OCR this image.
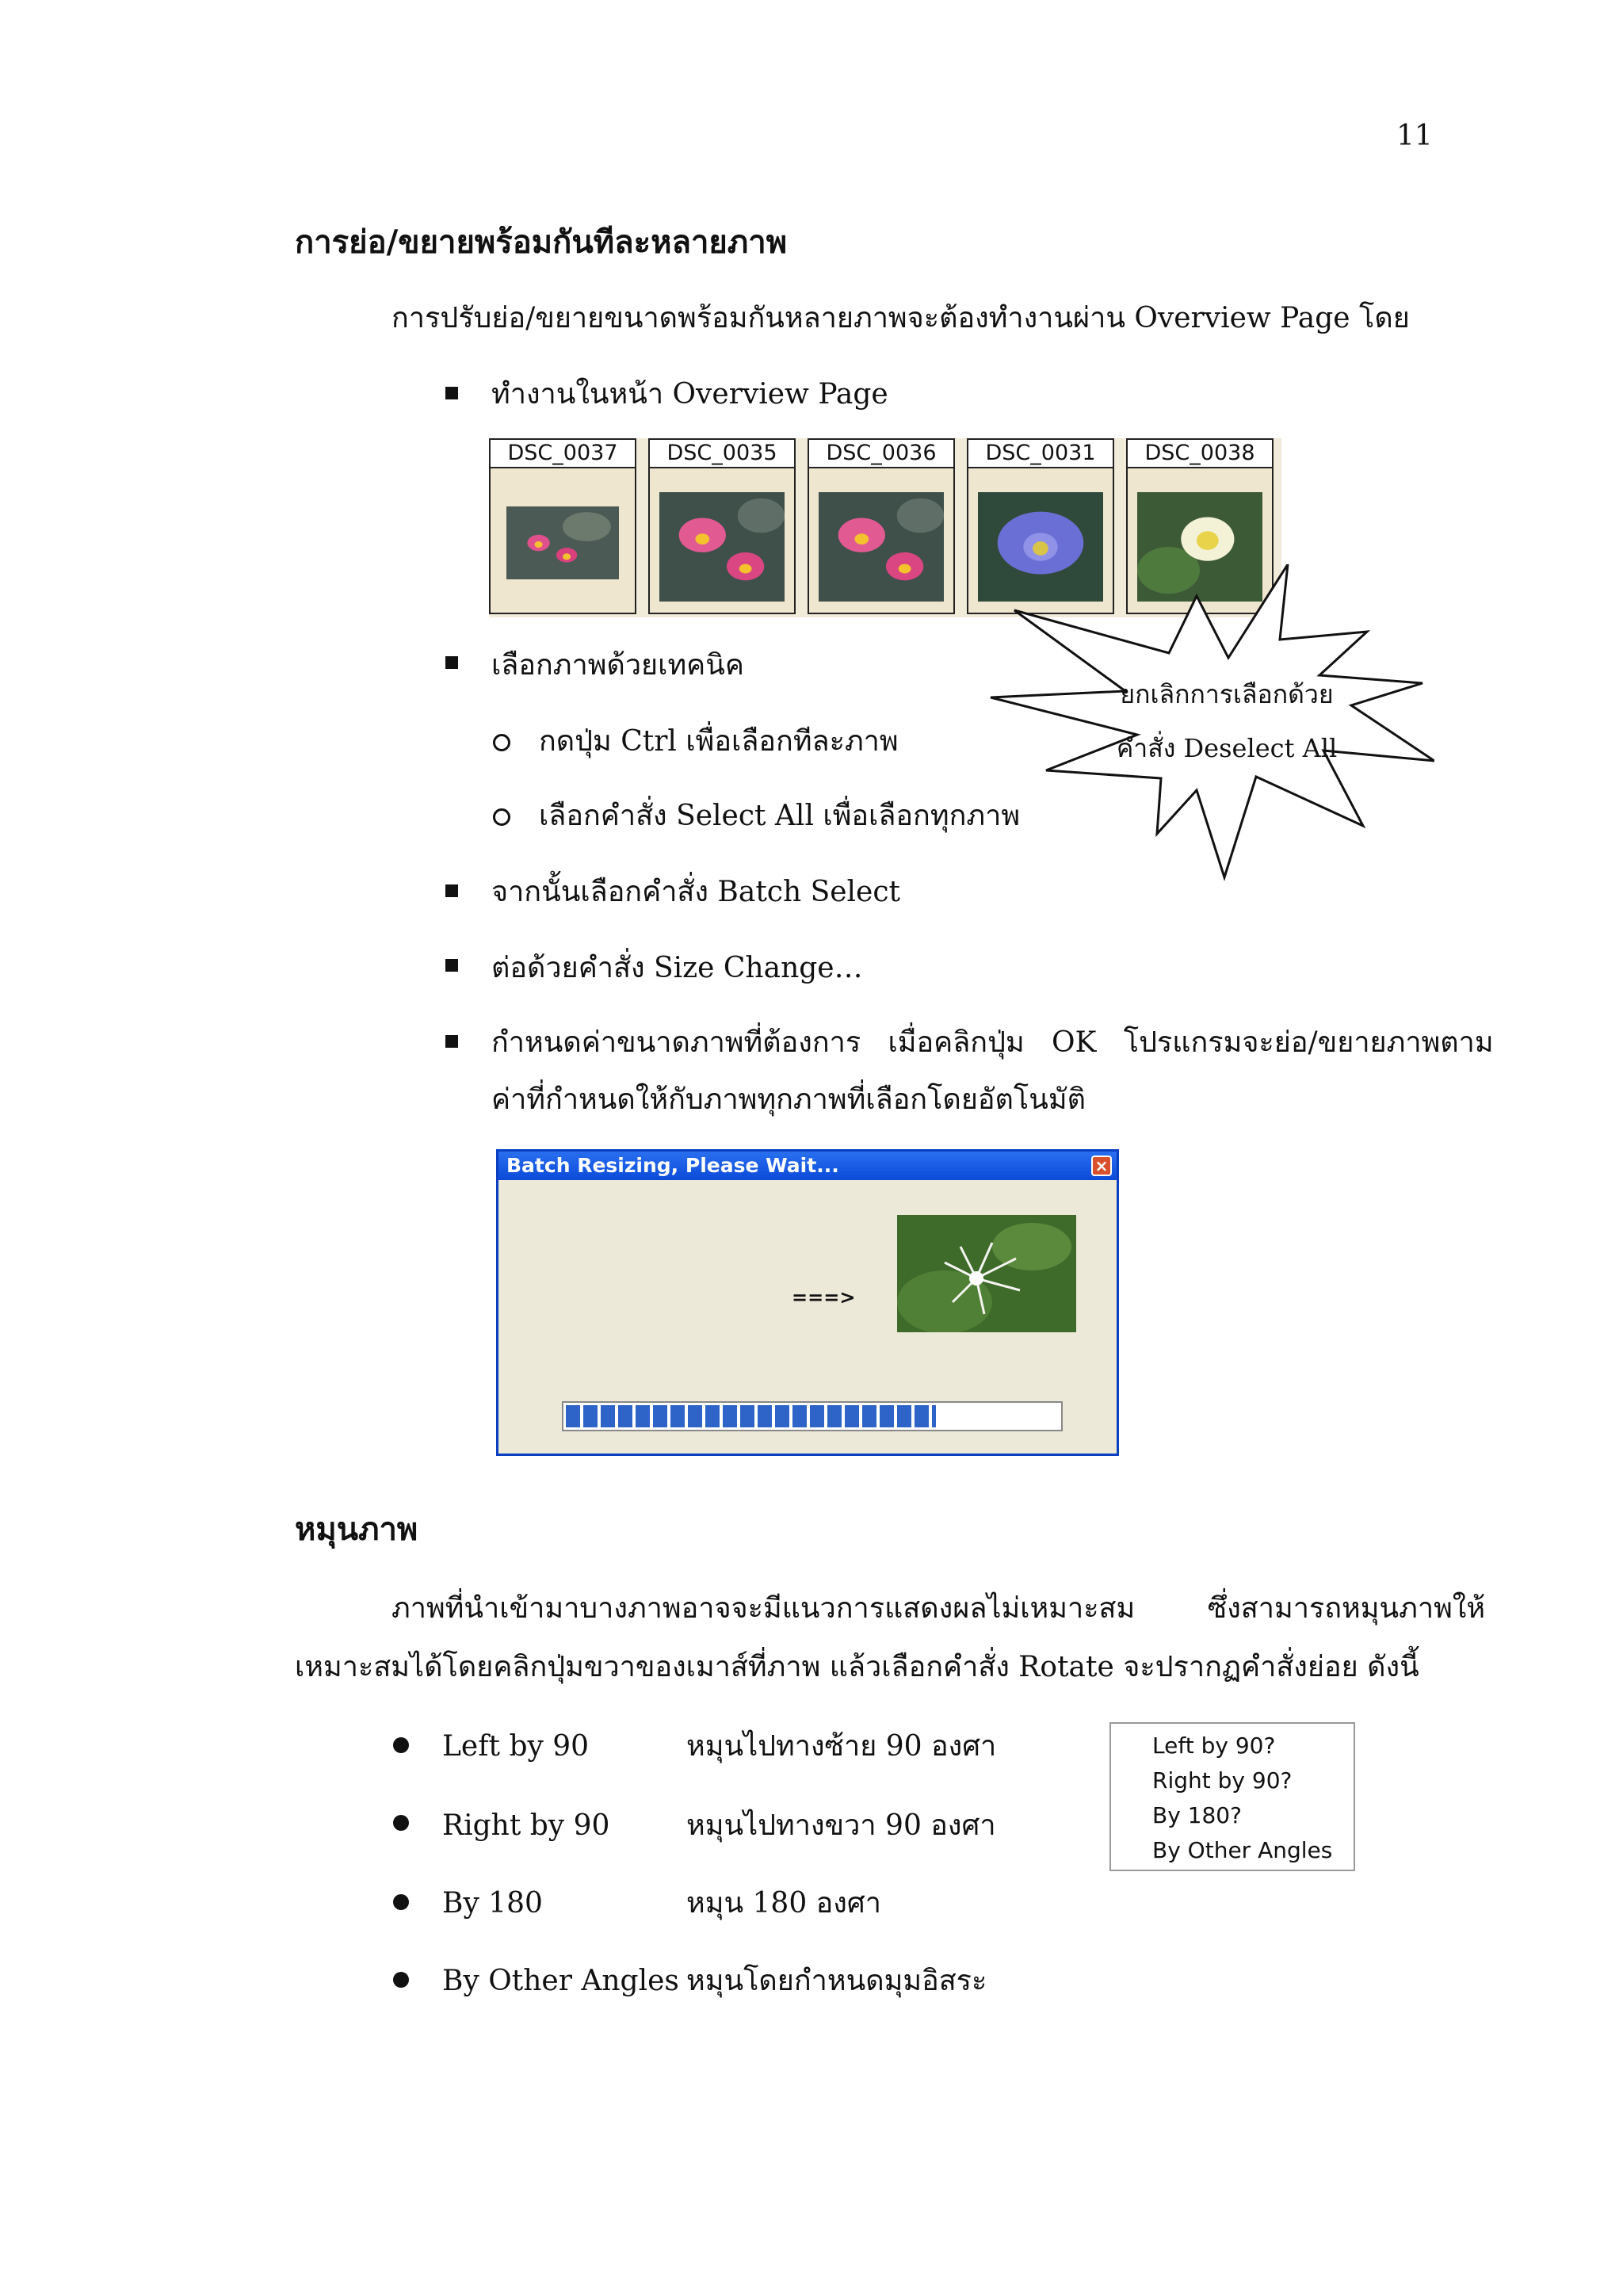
11
การย่อ/ขยายพร้อมกันทีละหลายภาพ
การปรับย่อ/ขยายขนาดพร้อมกันหลายภาพจะต้องทำงานผ่าน Overview Page โดย
ทำงานในหน้า Overview Page
DSC_0037	DSC_0035	DSC_0036	DSC_0031	DSC_0038
ยกเลิกการเลือกด้วย
คำสั่ง Deselect All
เลือกภาพด้วยเทคนิค
กดปุ่ม Ctrl เพื่อเลือกทีละภาพ
เลือกคำสั่ง Select All เพื่อเลือกทุกภาพ
จากนั้นเลือกคำสั่ง Batch Select
ต่อด้วยคำสั่ง Size Change…
กำหนดค่าขนาดภาพที่ต้องการ   เมื่อคลิกปุ่ม   OK   โปรแกรมจะย่อ/ขยายภาพตาม
ค่าที่กำหนดให้กับภาพทุกภาพที่เลือกโดยอัตโนมัติ
Batch Resizing, Please Wait...	×
===>
หมุนภาพ
ภาพที่นำเข้ามาบางภาพอาจจะมีแนวการแสดงผลไม่เหมาะสม        ซึ่งสามารถหมุนภาพให้
เหมาะสมได้โดยคลิกปุ่มขวาของเมาส์ที่ภาพ แล้วเลือกคำสั่ง Rotate จะปรากฏคำสั่งย่อย ดังนี้
Left by 90	หมุนไปทางซ้าย 90 องศา
Right by 90	หมุนไปทางขวา 90 องศา
By 180	หมุน 180 องศา
By Other Angles หมุนโดยกำหนดมุมอิสระ
Left by 90?
Right by 90?
By 180?
By Other Angles
